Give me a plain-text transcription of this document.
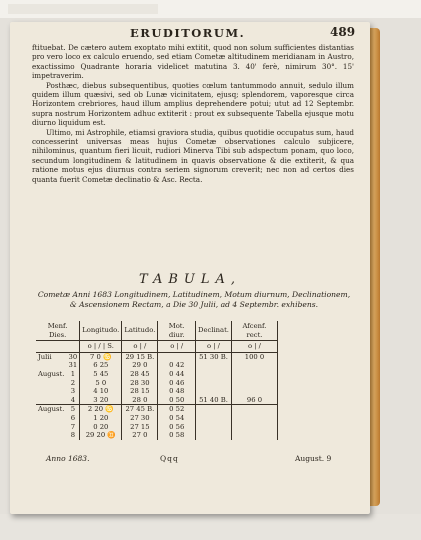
ERUDITORUM.	489

ftituebat. De cætero autem exoptato mihi extitit, quod non solum sufficientes distantias pro vero loco ex calculo eruendo, sed etiam Cometæ altitudinem meridianam in Austro, exactissimo Quadrante horaria videlicet matutina 3. 40' ferè, nimirum 30°. 15' impetraverim.

Posthæc, diebus subsequentibus, quoties cœlum tantummodo annuit, sedulo illum quidem illum quæsivi, sed ob Lunæ vicinitatem, ejusq; splendorem, vaporesque circa Horizontem crebriores, haud illum amplius deprehendere potui; utut ad 12 Septembr. supra nostrum Horizontem adhuc extiterit : prout ex subsequente Tabella ejusque motu diurno liquidum est.

Ultimo, mi Astrophile, etiamsi graviora studia, quibus quotidie occupatus sum, haud concesserint universas meas hujus Cometæ observationes calculo subjicere, nihilominus, quantum fieri licuit, rudiori Minerva Tibi sub adspectum ponam, quo loco, secundum longitudinem & latitudinem in quavis observatione & die extiterit, & qua ratione motus ejus diurnus contra seriem signorum creverit; nec non ad certos dies quanta fuerit Cometæ declinatio & Asc. Recta.

TABULA,
Cometæ Anni 1683 Longitudinem, Latitudinem, Motum diurnum, Declinationem, & Ascensionem Rectam, a Die 30 Julii, ad 4 Septembr. exhibens.
Menf. Dies.		Longitudo.	Latitudo.	Mot. diur.	Declinat.	Afcenf. rect.
		o | / | S.	o | /	o | /	o | /	o | /
Julii	30	7 0 ♋	29 15 B.		51 30 B.	100 0
	31	6 25	29 0	0 42		
August.	1	5 45	28 45	0 44		
	2	5 0	28 30	0 46		
	3	4 10	28 15	0 48		
	4	3 20	28 0	0 50	51 40 B.	96 0
August.	5	2 20 ♋	27 45 B.	0 52		
	6	1 20	27 30	0 54		
	7	0 20	27 15	0 56		
	8	29 20 ♊	27 0	0 58		
Anno 1683.	Qqq	August. 9
